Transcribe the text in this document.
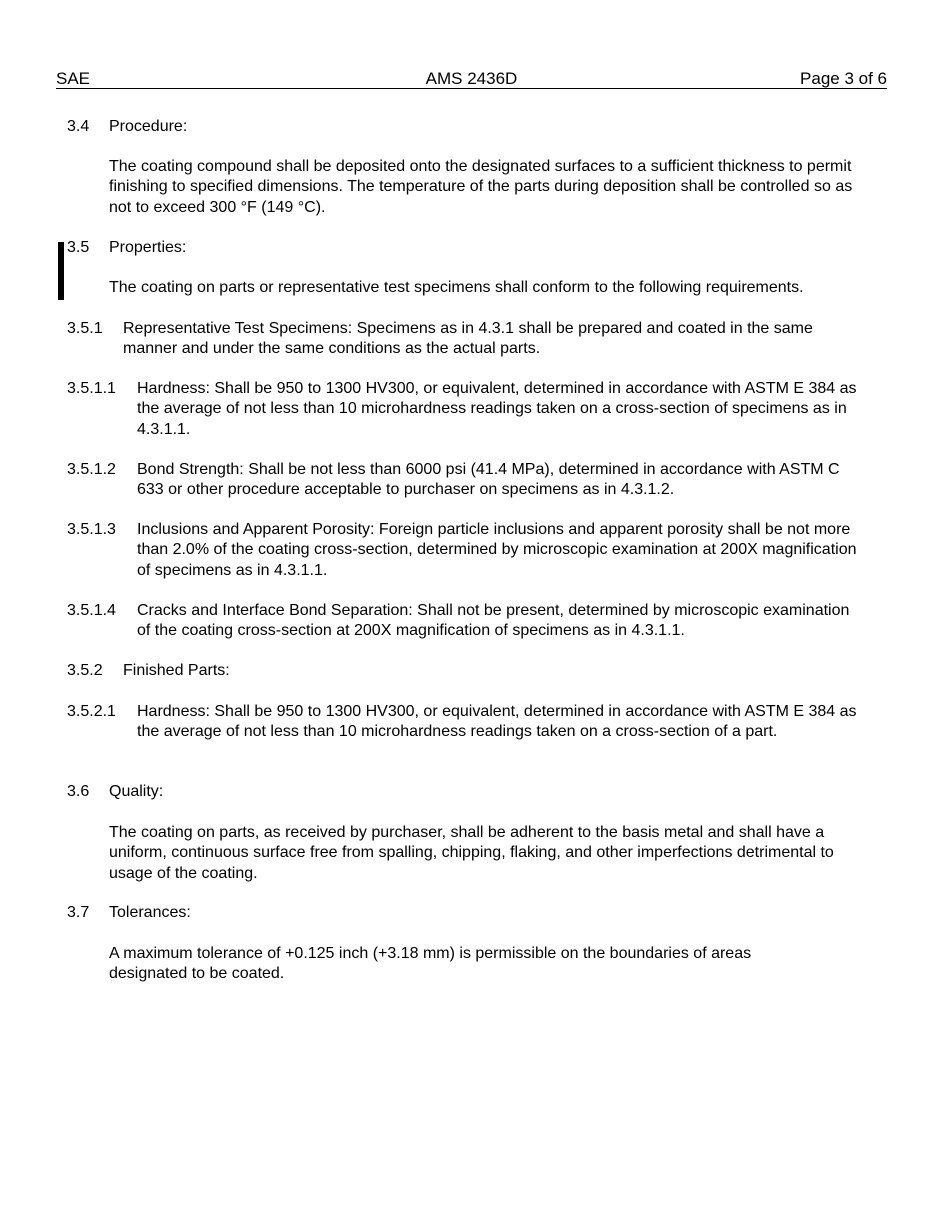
SAE	AMS 2436D	Page 3 of 6
3.4 Procedure:
The coating compound shall be deposited onto the designated surfaces to a sufficient thickness to permit finishing to specified dimensions. The temperature of the parts during deposition shall be controlled so as not to exceed 300 °F (149 °C).
3.5 Properties:
The coating on parts or representative test specimens shall conform to the following requirements.
3.5.1 Representative Test Specimens: Specimens as in 4.3.1 shall be prepared and coated in the same manner and under the same conditions as the actual parts.
3.5.1.1 Hardness: Shall be 950 to 1300 HV300, or equivalent, determined in accordance with ASTM E 384 as the average of not less than 10 microhardness readings taken on a cross-section of specimens as in 4.3.1.1.
3.5.1.2 Bond Strength: Shall be not less than 6000 psi (41.4 MPa), determined in accordance with ASTM C 633 or other procedure acceptable to purchaser on specimens as in 4.3.1.2.
3.5.1.3 Inclusions and Apparent Porosity: Foreign particle inclusions and apparent porosity shall be not more than 2.0% of the coating cross-section, determined by microscopic examination at 200X magnification of specimens as in 4.3.1.1.
3.5.1.4 Cracks and Interface Bond Separation: Shall not be present, determined by microscopic examination of the coating cross-section at 200X magnification of specimens as in 4.3.1.1.
3.5.2 Finished Parts:
3.5.2.1 Hardness: Shall be 950 to 1300 HV300, or equivalent, determined in accordance with ASTM E 384 as the average of not less than 10 microhardness readings taken on a cross-section of a part.
3.6 Quality:
The coating on parts, as received by purchaser, shall be adherent to the basis metal and shall have a uniform, continuous surface free from spalling, chipping, flaking, and other imperfections detrimental to usage of the coating.
3.7 Tolerances:
A maximum tolerance of +0.125 inch (+3.18 mm) is permissible on the boundaries of areas designated to be coated.
